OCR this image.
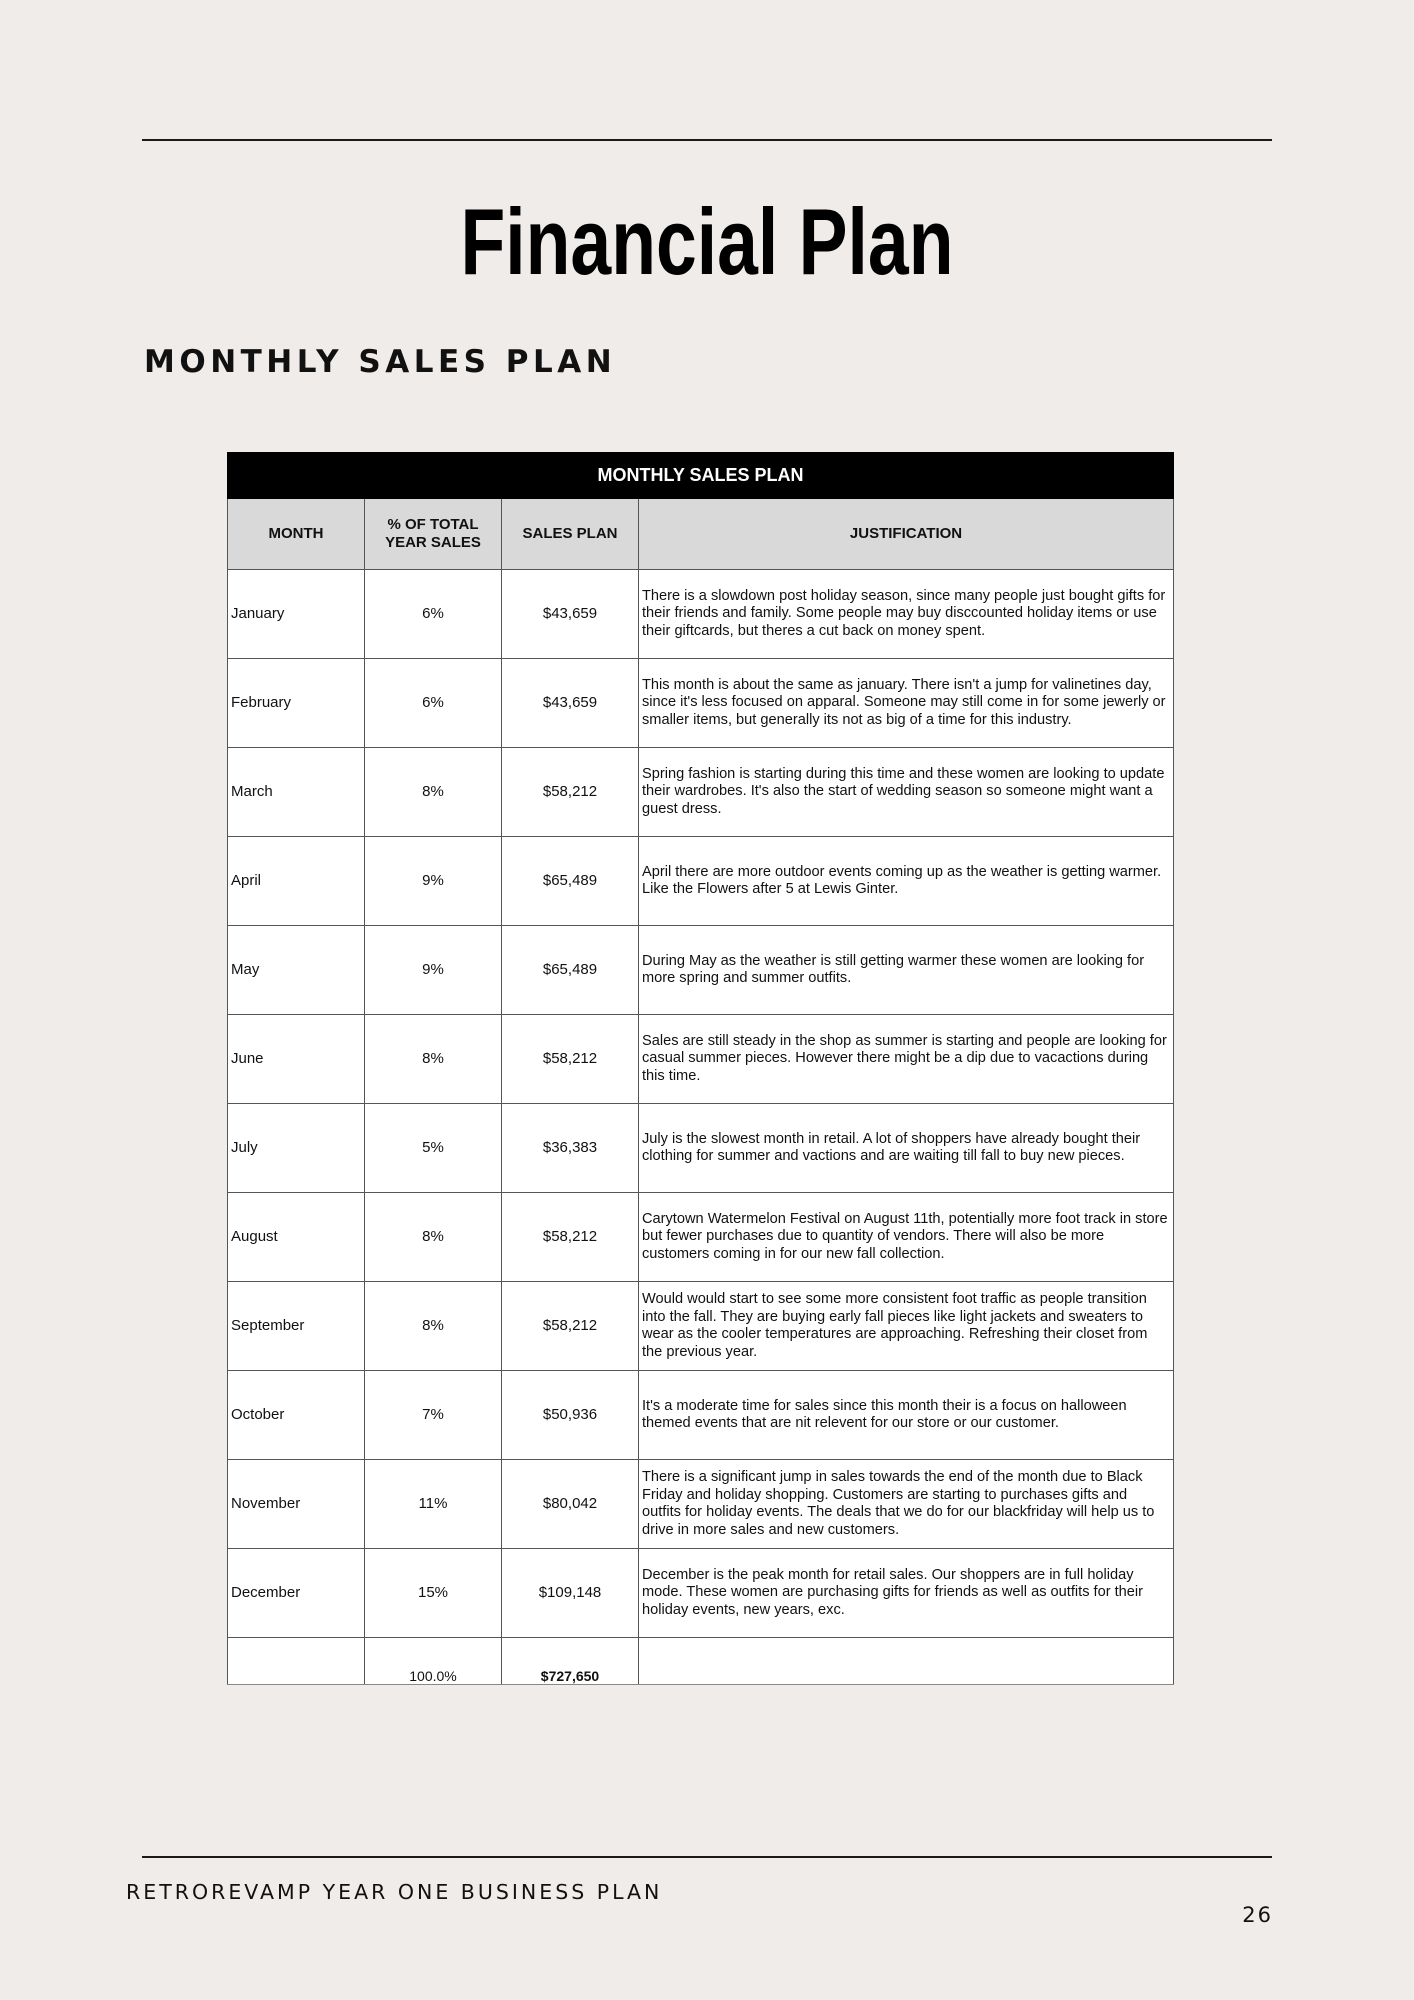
Financial Plan
MONTHLY SALES PLAN
MONTHLY SALES PLAN			
MONTH	% OF TOTAL YEAR SALES	SALES PLAN	JUSTIFICATION
January	6%	$43,659	There is a slowdown post holiday season, since many people just bought gifts for their friends and family. Some people may buy disccounted holiday items or use their giftcards, but theres a cut back on money spent.
February	6%	$43,659	This month is about the same as january. There isn't a jump for valinetines day, since it's less focused on apparal. Someone may still come in for some jewerly or smaller items, but generally its not as big of a time for this industry.
March	8%	$58,212	Spring fashion is starting during this time and these women are looking to update their wardrobes. It's also the start of wedding season so someone might want a guest dress.
April	9%	$65,489	April there are more outdoor events coming up as the weather is getting warmer. Like the Flowers after 5 at Lewis Ginter.
May	9%	$65,489	During May as the weather is still getting warmer these women are looking for more spring and summer outfits.
June	8%	$58,212	Sales are still steady in the shop as summer is starting and people are looking for casual summer pieces. However there might be a dip due to vacactions during this time.
July	5%	$36,383	July is the slowest month in retail. A lot of shoppers have already bought their clothing for summer and vactions and are waiting till fall to buy new pieces.
August	8%	$58,212	Carytown Watermelon Festival on August 11th, potentially more foot track in store but fewer purchases due to quantity of vendors. There will also be more customers coming in for our new fall collection.
September	8%	$58,212	Would would start to see some more consistent foot traffic as people transition into the fall. They are buying early fall pieces like light jackets and sweaters to wear as the cooler temperatures are approaching. Refreshing their closet from the previous year.
October	7%	$50,936	It's a moderate time for sales since this month their is a focus on halloween themed events that are nit relevent for our store or our customer.
November	11%	$80,042	There is a significant jump in sales towards the end of the month due to Black Friday and holiday shopping. Customers are starting to purchases gifts and outfits for holiday events. The deals that we do for our blackfriday will help us to drive in more sales and new customers.
December	15%	$109,148	December is the peak month for retail sales. Our shoppers are in full holiday mode. These women are purchasing gifts for friends as well as outfits for their holiday events, new years, exc.
	100.0%	$727,650	
RETROREVAMP YEAR ONE BUSINESS PLAN
26
